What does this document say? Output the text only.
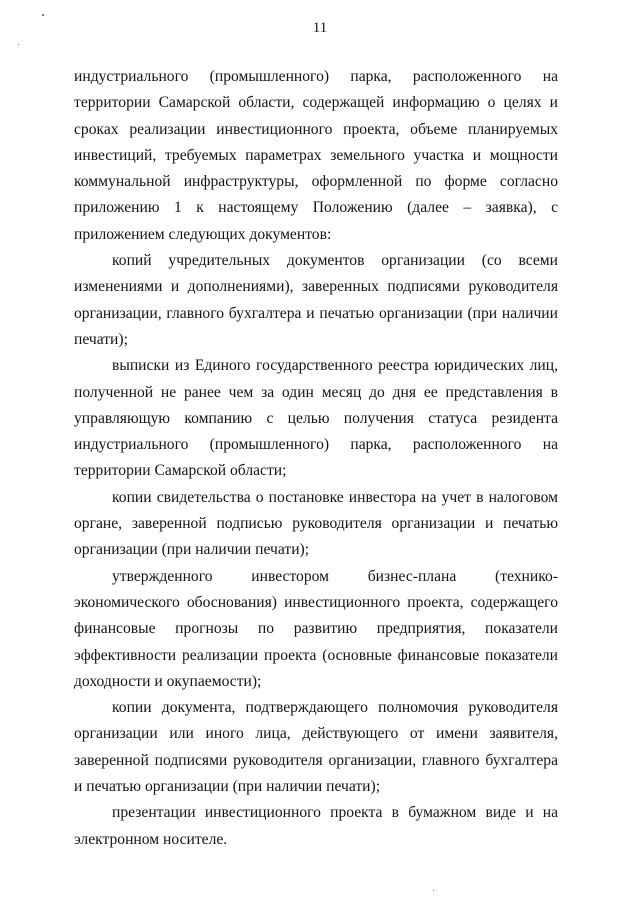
11

индустриального (промышленного) парка, расположенного на территории Самарской области, содержащей информацию о целях и сроках реализации инвестиционного проекта, объеме планируемых инвестиций, требуемых параметрах земельного участка и мощности коммунальной инфраструктуры, оформленной по форме согласно приложению 1 к настоящему Положению (далее – заявка), с приложением следующих документов:

копий учредительных документов организации (со всеми изменениями и дополнениями), заверенных подписями руководителя организации, главного бухгалтера и печатью организации (при наличии печати);

выписки из Единого государственного реестра юридических лиц, полученной не ранее чем за один месяц до дня ее представления в управляющую компанию с целью получения статуса резидента индустриального (промышленного) парка, расположенного на территории Самарской области;

копии свидетельства о постановке инвестора на учет в налоговом органе, заверенной подписью руководителя организации и печатью организации (при наличии печати);

утвержденного инвестором бизнес-плана (технико-экономического обоснования) инвестиционного проекта, содержащего финансовые прогнозы по развитию предприятия, показатели эффективности реализации проекта (основные финансовые показатели доходности и окупаемости);

копии документа, подтверждающего полномочия руководителя организации или иного лица, действующего от имени заявителя, заверенной подписями руководителя организации, главного бухгалтера и печатью организации (при наличии печати);

презентации инвестиционного проекта в бумажном виде и на электронном носителе.
